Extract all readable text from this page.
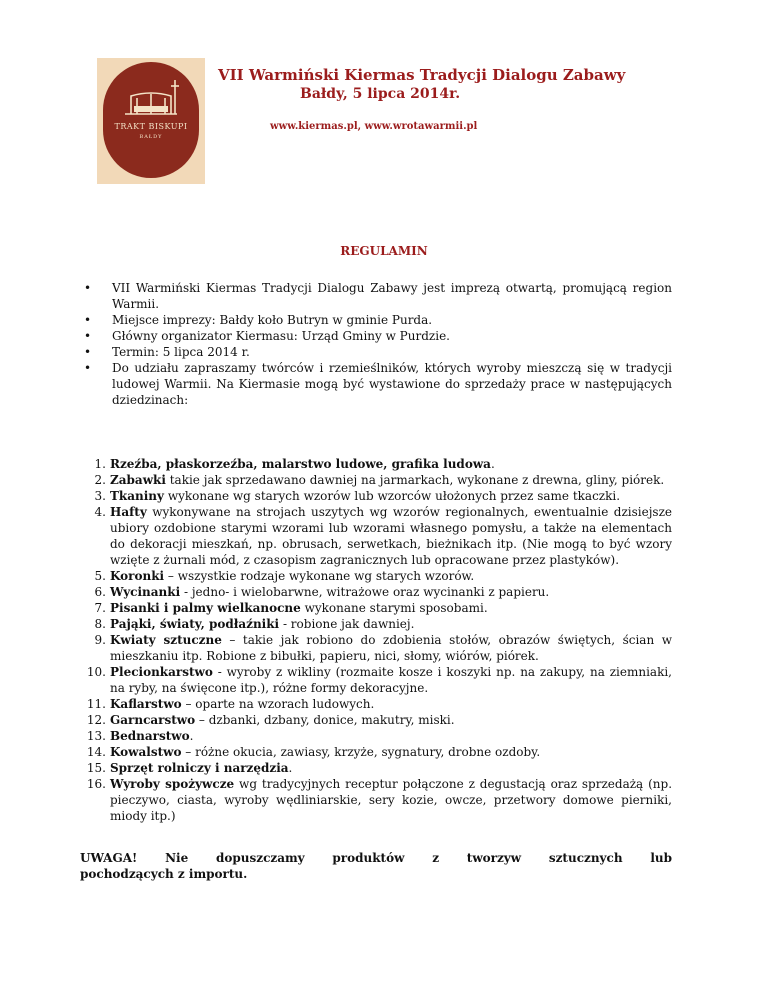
TRAKT BISKUPI
BAŁDY
VII Warmiński Kiermas Tradycji Dialogu Zabawy
Bałdy, 5 lipca 2014r.
www.kiermas.pl, www.wrotawarmii.pl
REGULAMIN
• VII Warmiński Kiermas Tradycji Dialogu Zabawy jest imprezą otwartą, promującą region Warmii.
• Miejsce imprezy: Bałdy koło Butryn w gminie Purda.
• Główny organizator Kiermasu: Urząd Gminy w Purdzie.
• Termin: 5 lipca 2014 r.
• Do udziału zapraszamy twórców i rzemieślników, których wyroby mieszczą się w tradycji ludowej Warmii. Na Kiermasie mogą być wystawione do sprzedaży prace w następujących dziedzinach:
1. Rzeźba, płaskorzeźba, malarstwo ludowe, grafika ludowa.
2. Zabawki takie jak sprzedawano dawniej na jarmarkach, wykonane z drewna, gliny, piórek.
3. Tkaniny wykonane wg starych wzorów lub wzorców ułożonych przez same tkaczki.
4. Hafty wykonywane na strojach uszytych wg wzorów regionalnych, ewentualnie dzisiejsze ubiory ozdobione starymi wzorami lub wzorami własnego pomysłu, a także na elementach do dekoracji mieszkań, np. obrusach, serwetkach, bieżnikach itp. (Nie mogą to być wzory wzięte z żurnali mód, z czasopism zagranicznych lub opracowane przez plastyków).
5. Koronki – wszystkie rodzaje wykonane wg starych wzorów.
6. Wycinanki - jedno- i wielobarwne, witrażowe oraz wycinanki z papieru.
7. Pisanki i palmy wielkanocne wykonane starymi sposobami.
8. Pająki, światy, podłaźniki - robione jak dawniej.
9. Kwiaty sztuczne – takie jak robiono do zdobienia stołów, obrazów świętych, ścian w mieszkaniu itp. Robione z bibułki, papieru, nici, słomy, wiórów, piórek.
10. Plecionkarstwo - wyroby z wikliny (rozmaite kosze i koszyki np. na zakupy, na ziemniaki, na ryby, na święcone itp.), różne formy dekoracyjne.
11. Kaflarstwo – oparte na wzorach ludowych.
12. Garncarstwo – dzbanki, dzbany, donice, makutry, miski.
13. Bednarstwo.
14. Kowalstwo – różne okucia, zawiasy, krzyże, sygnatury, drobne ozdoby.
15. Sprzęt rolniczy i narzędzia.
16. Wyroby spożywcze wg tradycyjnych receptur połączone z degustacją oraz sprzedażą (np. pieczywo, ciasta, wyroby wędliniarskie, sery kozie, owcze, przetwory domowe pierniki, miody itp.)
UWAGA! Nie dopuszczamy produktów z tworzyw sztucznych lub
pochodzących z importu.
